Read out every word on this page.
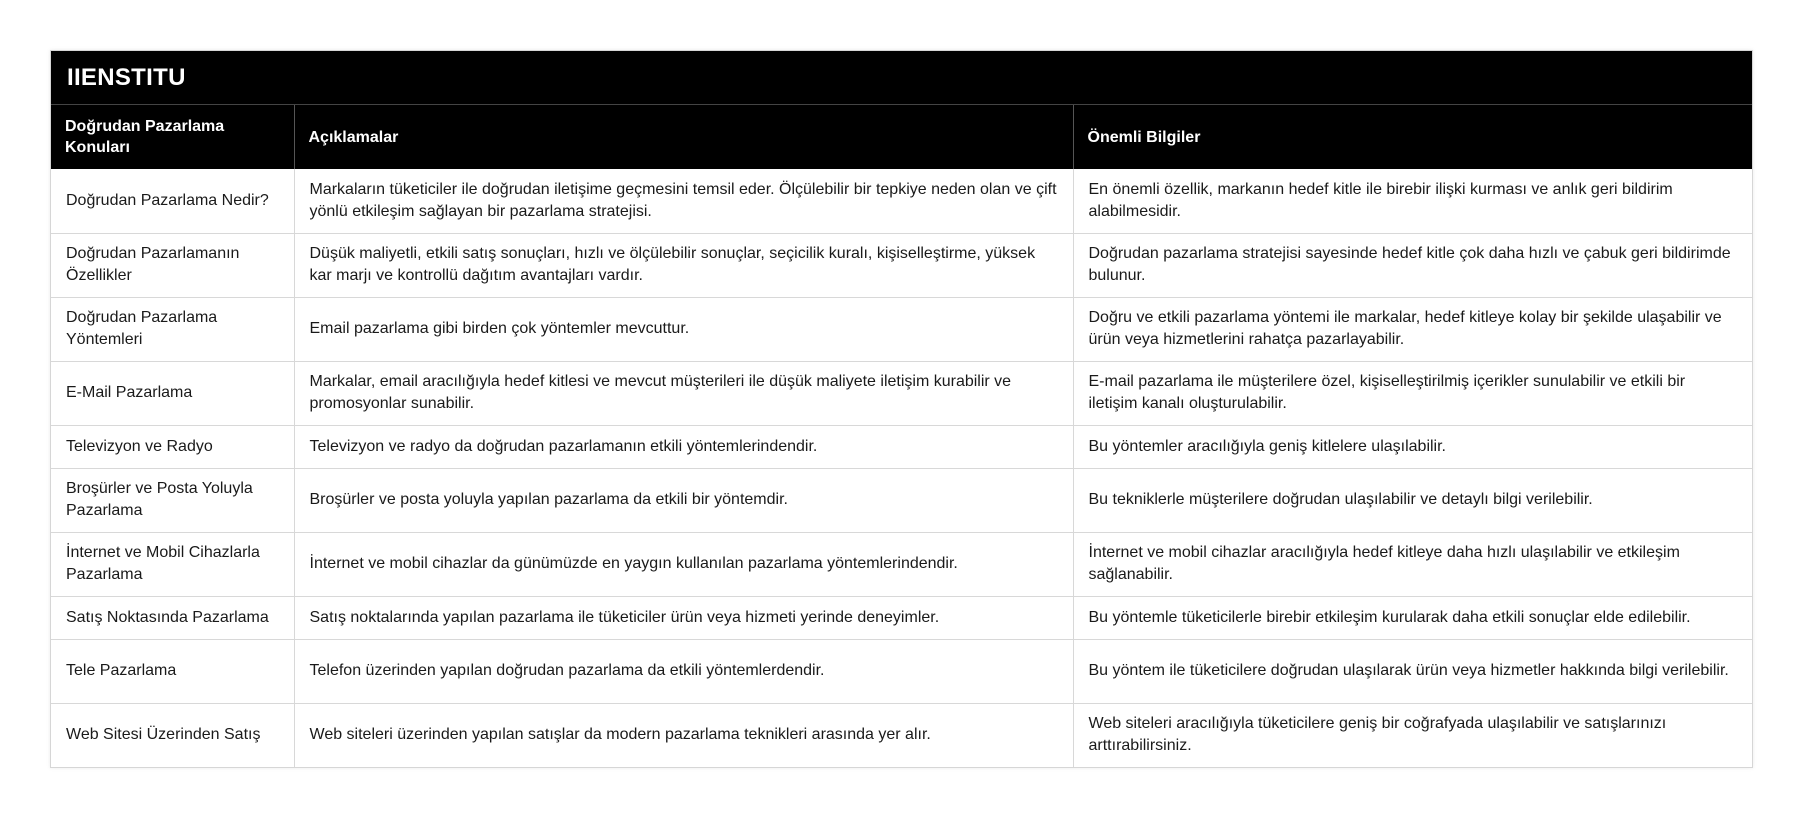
IIENSTITU
Doğrudan Pazarlama Konuları	Açıklamalar	Önemli Bilgiler
Doğrudan Pazarlama Nedir?	Markaların tüketiciler ile doğrudan iletişime geçmesini temsil eder. Ölçülebilir bir tepkiye neden olan ve çift yönlü etkileşim sağlayan bir pazarlama stratejisi.	En önemli özellik, markanın hedef kitle ile birebir ilişki kurması ve anlık geri bildirim alabilmesidir.
Doğrudan Pazarlamanın Özellikler	Düşük maliyetli, etkili satış sonuçları, hızlı ve ölçülebilir sonuçlar, seçicilik kuralı, kişiselleştirme, yüksek kar marjı ve kontrollü dağıtım avantajları vardır.	Doğrudan pazarlama stratejisi sayesinde hedef kitle çok daha hızlı ve çabuk geri bildirimde bulunur.
Doğrudan Pazarlama Yöntemleri	Email pazarlama gibi birden çok yöntemler mevcuttur.	Doğru ve etkili pazarlama yöntemi ile markalar, hedef kitleye kolay bir şekilde ulaşabilir ve ürün veya hizmetlerini rahatça pazarlayabilir.
E-Mail Pazarlama	Markalar, email aracılığıyla hedef kitlesi ve mevcut müşterileri ile düşük maliyete iletişim kurabilir ve promosyonlar sunabilir.	E-mail pazarlama ile müşterilere özel, kişiselleştirilmiş içerikler sunulabilir ve etkili bir iletişim kanalı oluşturulabilir.
Televizyon ve Radyo	Televizyon ve radyo da doğrudan pazarlamanın etkili yöntemlerindendir.	Bu yöntemler aracılığıyla geniş kitlelere ulaşılabilir.
Broşürler ve Posta Yoluyla Pazarlama	Broşürler ve posta yoluyla yapılan pazarlama da etkili bir yöntemdir.	Bu tekniklerle müşterilere doğrudan ulaşılabilir ve detaylı bilgi verilebilir.
İnternet ve Mobil Cihazlarla Pazarlama	İnternet ve mobil cihazlar da günümüzde en yaygın kullanılan pazarlama yöntemlerindendir.	İnternet ve mobil cihazlar aracılığıyla hedef kitleye daha hızlı ulaşılabilir ve etkileşim sağlanabilir.
Satış Noktasında Pazarlama	Satış noktalarında yapılan pazarlama ile tüketiciler ürün veya hizmeti yerinde deneyimler.	Bu yöntemle tüketicilerle birebir etkileşim kurularak daha etkili sonuçlar elde edilebilir.
Tele Pazarlama	Telefon üzerinden yapılan doğrudan pazarlama da etkili yöntemlerdendir.	Bu yöntem ile tüketicilere doğrudan ulaşılarak ürün veya hizmetler hakkında bilgi verilebilir.
Web Sitesi Üzerinden Satış	Web siteleri üzerinden yapılan satışlar da modern pazarlama teknikleri arasında yer alır.	Web siteleri aracılığıyla tüketicilere geniş bir coğrafyada ulaşılabilir ve satışlarınızı arttırabilirsiniz.
